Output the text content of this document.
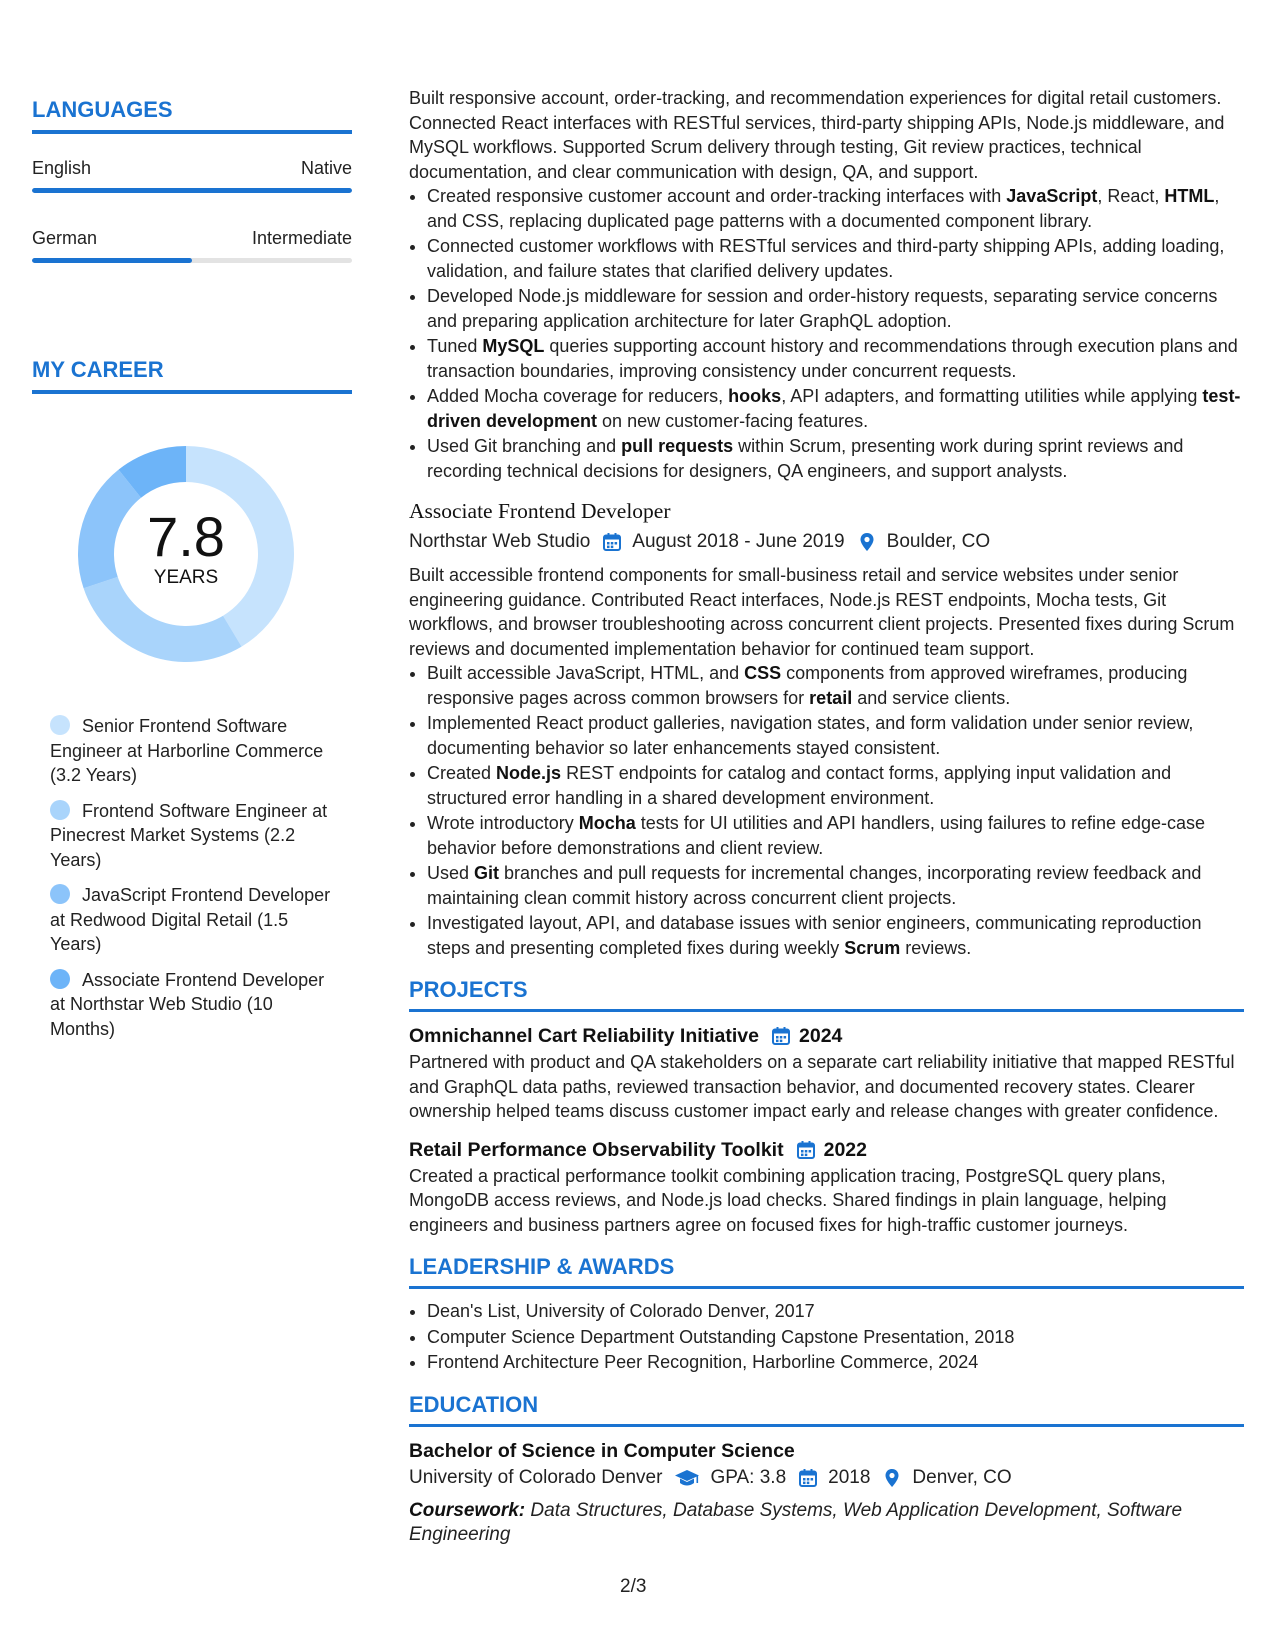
LANGUAGES
English	Native
German	Intermediate
MY CAREER
7.8
YEARS
Senior Frontend Software Engineer at Harborline Commerce (3.2 Years)
Frontend Software Engineer at Pinecrest Market Systems (2.2 Years)
JavaScript Frontend Developer at Redwood Digital Retail (1.5 Years)
Associate Frontend Developer at Northstar Web Studio (10 Months)

Built responsive account, order-tracking, and recommendation experiences for digital retail customers. Connected React interfaces with RESTful services, third-party shipping APIs, Node.js middleware, and MySQL workflows. Supported Scrum delivery through testing, Git review practices, technical documentation, and clear communication with design, QA, and support.

• Created responsive customer account and order-tracking interfaces with JavaScript, React, HTML, and CSS, replacing duplicated page patterns with a documented component library.
• Connected customer workflows with RESTful services and third-party shipping APIs, adding loading, validation, and failure states that clarified delivery updates.
• Developed Node.js middleware for session and order-history requests, separating service concerns and preparing application architecture for later GraphQL adoption.
• Tuned MySQL queries supporting account history and recommendations through execution plans and transaction boundaries, improving consistency under concurrent requests.
• Added Mocha coverage for reducers, hooks, API adapters, and formatting utilities while applying test-driven development on new customer-facing features.
• Used Git branching and pull requests within Scrum, presenting work during sprint reviews and recording technical decisions for designers, QA engineers, and support analysts.
Associate Frontend Developer
Northstar Web Studio August 2018 - June 2019 Boulder, CO

Built accessible frontend components for small-business retail and service websites under senior engineering guidance. Contributed React interfaces, Node.js REST endpoints, Mocha tests, Git workflows, and browser troubleshooting across concurrent client projects. Presented fixes during Scrum reviews and documented implementation behavior for continued team support.

• Built accessible JavaScript, HTML, and CSS components from approved wireframes, producing responsive pages across common browsers for retail and service clients.
• Implemented React product galleries, navigation states, and form validation under senior review, documenting behavior so later enhancements stayed consistent.
• Created Node.js REST endpoints for catalog and contact forms, applying input validation and structured error handling in a shared development environment.
• Wrote introductory Mocha tests for UI utilities and API handlers, using failures to refine edge-case behavior before demonstrations and client review.
• Used Git branches and pull requests for incremental changes, incorporating review feedback and maintaining clean commit history across concurrent client projects.
• Investigated layout, API, and database issues with senior engineers, communicating reproduction steps and presenting completed fixes during weekly Scrum reviews.
PROJECTS
Omnichannel Cart Reliability Initiative 2024

Partnered with product and QA stakeholders on a separate cart reliability initiative that mapped RESTful and GraphQL data paths, reviewed transaction behavior, and documented recovery states. Clearer ownership helped teams discuss customer impact early and release changes with greater confidence.

Retail Performance Observability Toolkit 2022

Created a practical performance toolkit combining application tracing, PostgreSQL query plans, MongoDB access reviews, and Node.js load checks. Shared findings in plain language, helping engineers and business partners agree on focused fixes for high-traffic customer journeys.

LEADERSHIP & AWARDS
• Dean's List, University of Colorado Denver, 2017
• Computer Science Department Outstanding Capstone Presentation, 2018
• Frontend Architecture Peer Recognition, Harborline Commerce, 2024
EDUCATION
Bachelor of Science in Computer Science
University of Colorado Denver	GPA: 3.8 2018 Denver, CO
Coursework: Data Structures, Database Systems, Web Application Development, Software Engineering
2/3
